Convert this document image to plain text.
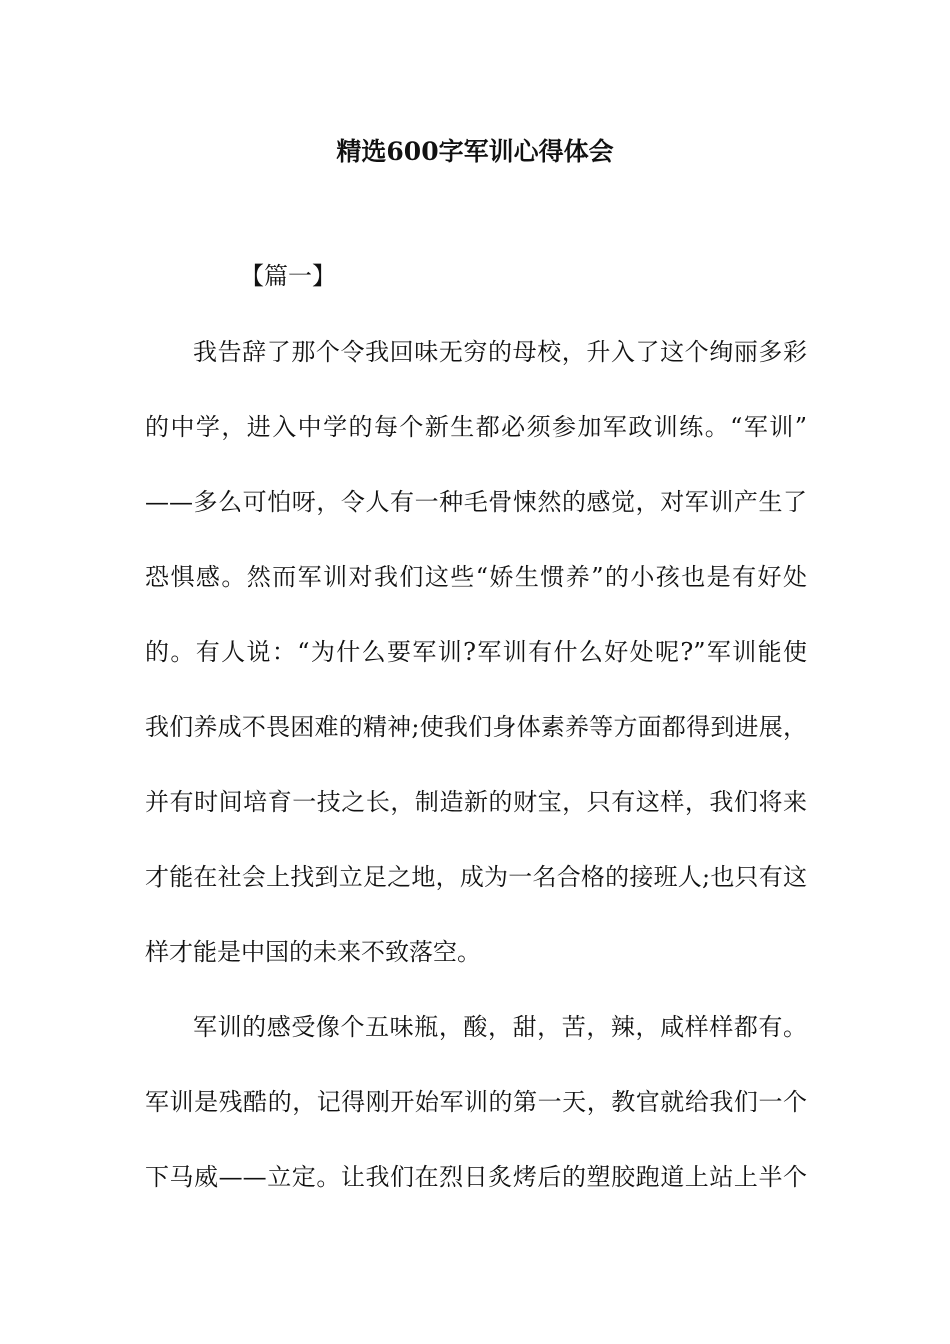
精选600字军训心得体会
【篇一】
我告辞了那个令我回味无穷的母校，升入了这个绚丽多彩
的中学，进入中学的每个新生都必须参加军政训练。“军训”
——多么可怕呀，令人有一种毛骨悚然的感觉，对军训产生了
恐惧感。然而军训对我们这些“娇生惯养”的小孩也是有好处
的。有人说：“为什么要军训?军训有什么好处呢?”军训能使
我们养成不畏困难的精神;使我们身体素养等方面都得到进展，
并有时间培育一技之长，制造新的财宝，只有这样，我们将来
才能在社会上找到立足之地，成为一名合格的接班人;也只有这
样才能是中国的未来不致落空。
军训的感受像个五味瓶，酸，甜，苦，辣，咸样样都有。
军训是残酷的，记得刚开始军训的第一天，教官就给我们一个
下马威——立定。让我们在烈日炙烤后的塑胶跑道上站上半个
